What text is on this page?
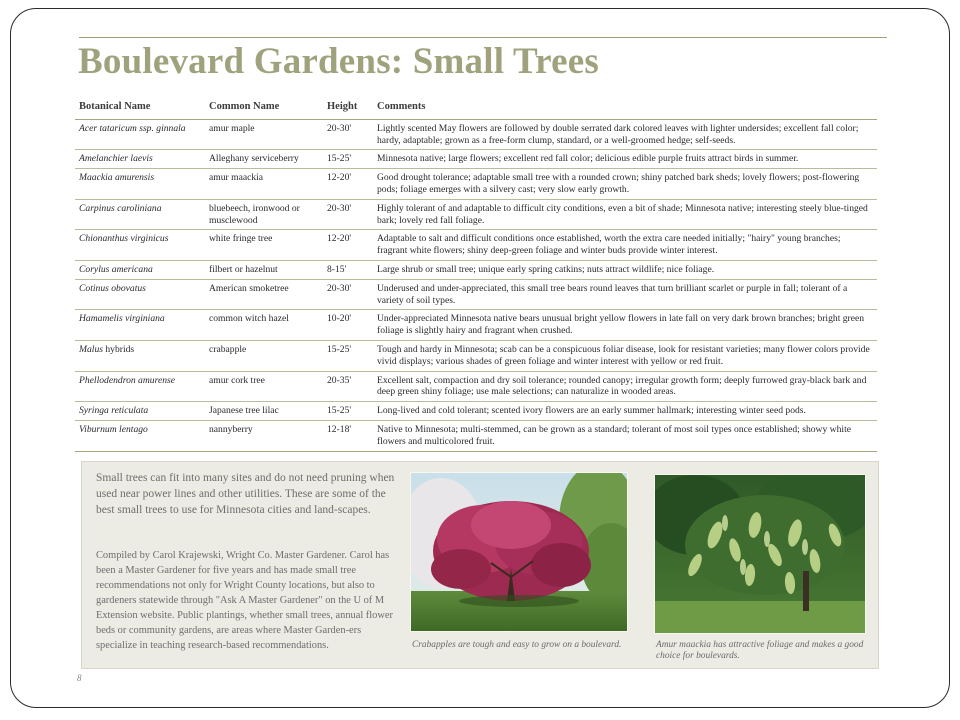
Boulevard Gardens: Small Trees
Botanical Name	Common Name	Height	Comments
Acer tataricum ssp. ginnala	amur maple	20-30'	Lightly scented May flowers are followed by double serrated dark colored leaves with lighter undersides; excellent fall color; hardy, adaptable; grown as a free-form clump, standard, or a well-groomed hedge; self-seeds.
Amelanchier laevis	Alleghany serviceberry	15-25'	Minnesota native; large flowers; excellent red fall color; delicious edible purple fruits attract birds in summer.
Maackia amurensis	amur maackia	12-20'	Good drought tolerance; adaptable small tree with a rounded crown; shiny patched bark sheds; lovely flowers; post-flowering pods; foliage emerges with a silvery cast; very slow early growth.
Carpinus caroliniana	bluebeech, ironwood or musclewood	20-30'	Highly tolerant of and adaptable to difficult city conditions, even a bit of shade; Minnesota native; interesting steely blue-tinged bark; lovely red fall foliage.
Chionanthus virginicus	white fringe tree	12-20'	Adaptable to salt and difficult conditions once established, worth the extra care needed initially; "hairy" young branches; fragrant white flowers; shiny deep-green foliage and winter buds provide winter interest.
Corylus americana	filbert or hazelnut	8-15'	Large shrub or small tree; unique early spring catkins; nuts attract wildlife; nice foliage.
Cotinus obovatus	American smoketree	20-30'	Underused and under-appreciated, this small tree bears round leaves that turn brilliant scarlet or purple in fall; tolerant of a variety of soil types.
Hamamelis virginiana	common witch hazel	10-20'	Under-appreciated Minnesota native bears unusual bright yellow flowers in late fall on very dark brown branches; bright green foliage is slightly hairy and fragrant when crushed.
Malus hybrids	crabapple	15-25'	Tough and hardy in Minnesota; scab can be a conspicuous foliar disease, look for resistant varieties; many flower colors provide vivid displays; various shades of green foliage and winter interest with yellow or red fruit.
Phellodendron amurense	amur cork tree	20-35'	Excellent salt, compaction and dry soil tolerance; rounded canopy; irregular growth form; deeply furrowed gray-black bark and deep green shiny foliage; use male selections; can naturalize in wooded areas.
Syringa reticulata	Japanese tree lilac	15-25'	Long-lived and cold tolerant; scented ivory flowers are an early summer hallmark; interesting winter seed pods.
Viburnum lentago	nannyberry	12-18'	Native to Minnesota; multi-stemmed, can be grown as a standard; tolerant of most soil types once established; showy white flowers and multicolored fruit.

Small trees can fit into many sites and do not need pruning when used near power lines and other utilities. These are some of the best small trees to use for Minnesota cities and land-scapes.

Compiled by Carol Krajewski, Wright Co. Master Gardener. Carol has been a Master Gardener for five years and has made small tree recommendations not only for Wright County locations, but also to gardeners statewide through "Ask A Master Gardener" on the U of M Extension website. Public plantings, whether small trees, annual flower beds or community gardens, are areas where Master Garden-ers specialize in teaching research-based recommendations.	Crabapples are tough and easy to grow on a boulevard.	Amur maackia has attractive foliage and makes a good choice for boulevards.

8
